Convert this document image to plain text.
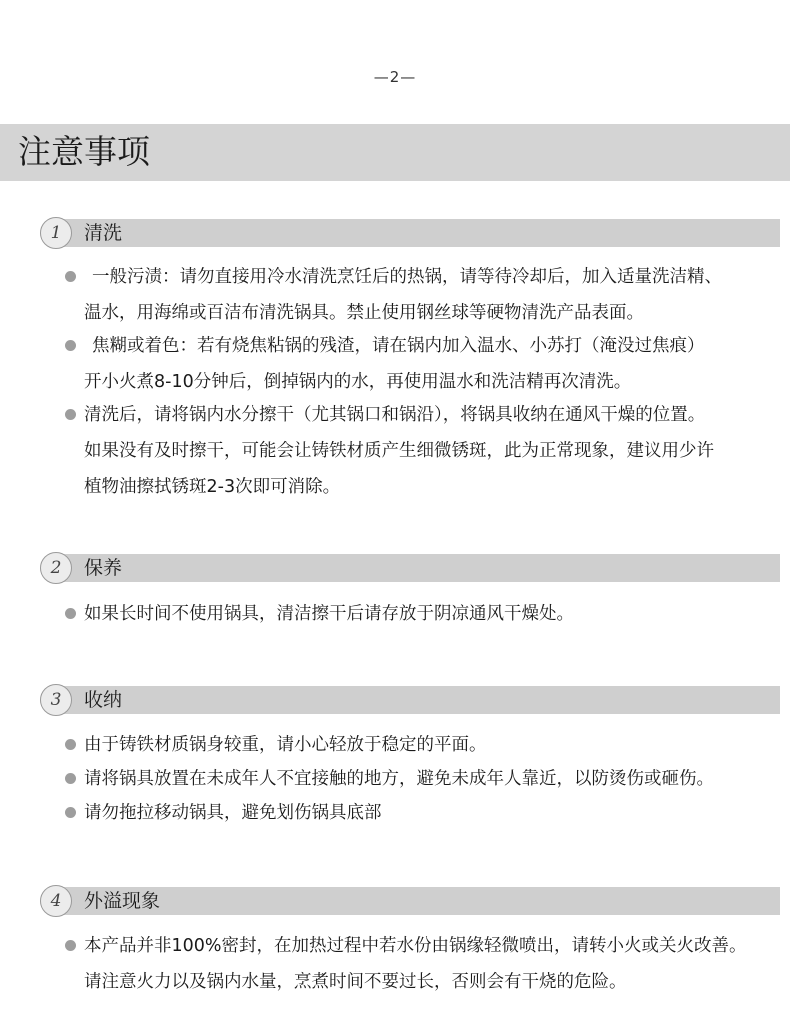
—2—
注意事项
1	清洗
一般污渍：请勿直接用冷水清洗烹饪后的热锅，请等待冷却后，加入适量洗洁精、
温水，用海绵或百洁布清洗锅具。禁止使用钢丝球等硬物清洗产品表面。
焦糊或着色：若有烧焦粘锅的残渣，请在锅内加入温水、小苏打（淹没过焦痕）
开小火煮8-10分钟后，倒掉锅内的水，再使用温水和洗洁精再次清洗。
清洗后，请将锅内水分擦干（尤其锅口和锅沿），将锅具收纳在通风干燥的位置。
如果没有及时擦干，可能会让铸铁材质产生细微锈斑，此为正常现象，建议用少许
植物油擦拭锈斑2-3次即可消除。
2	保养
如果长时间不使用锅具，清洁擦干后请存放于阴凉通风干燥处。
3	收纳
由于铸铁材质锅身较重，请小心轻放于稳定的平面。
请将锅具放置在未成年人不宜接触的地方，避免未成年人靠近，以防烫伤或砸伤。
请勿拖拉移动锅具，避免划伤锅具底部
4	外溢现象
本产品并非100%密封，在加热过程中若水份由锅缘轻微喷出，请转小火或关火改善。
请注意火力以及锅内水量，烹煮时间不要过长，否则会有干烧的危险。
